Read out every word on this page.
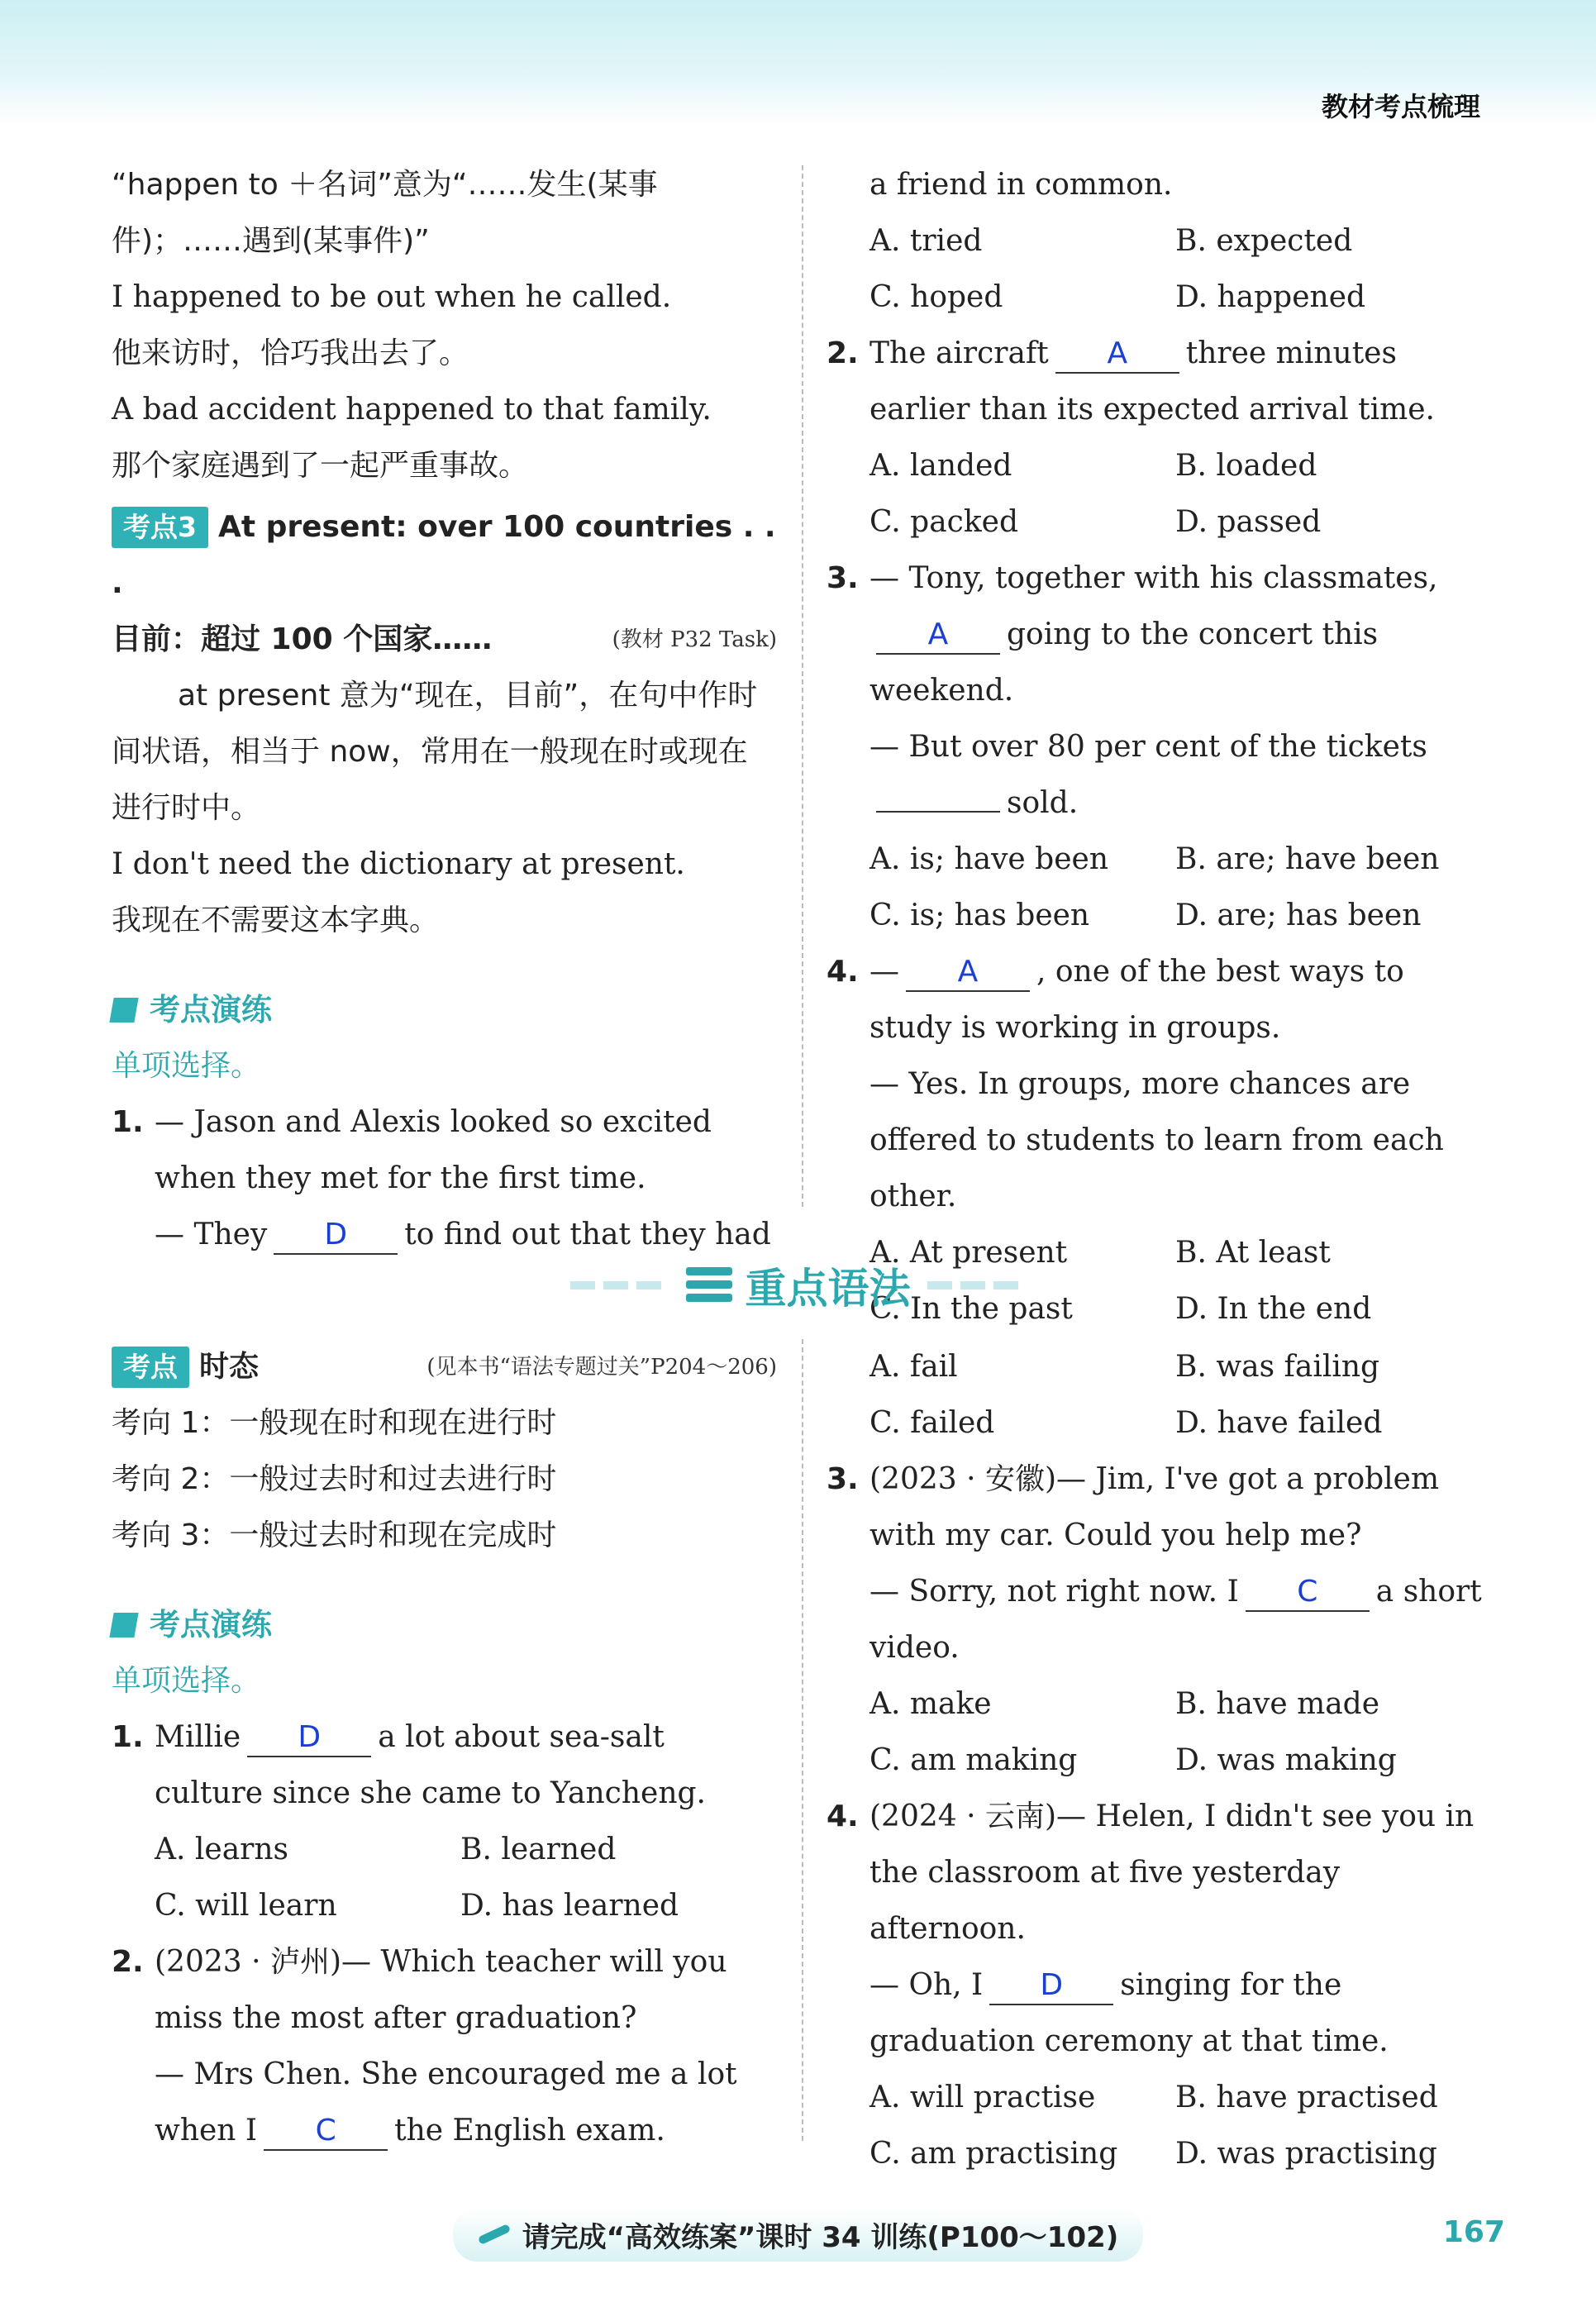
教材考点梳理

“happen to ＋名词”意为“……发生(某事件)；……遇到(某事件)”

I happened to be out when he called.

他来访时，恰巧我出去了。

A bad accident happened to that family.

那个家庭遇到了一起严重事故。

考点3 At present: over 100 countries . . .

目前：超过 100 个国家……	(教材 P32 Task)

at present 意为“现在，目前”，在句中作时间状语，相当于 now，常用在一般现在时或现在进行时中。

I don't need the dictionary at present.

我现在不需要这本字典。

考点演练

单项选择。

1. — Jason and Alexis looked so excited when they met for the first time.
— They D to find out that they had

a friend in common.

A. tried	B. expected
C. hoped	D. happened
2. The aircraft A three minutes earlier than its expected arrival time.
A. landed	B. loaded
C. packed	D. passed
3. — Tony, together with his classmates,
A going to the concert this weekend.

— But over 80 per cent of the tickets

sold.
A. is; have been	B. are; have been
C. is; has been	D. are; has been
4. — A , one of the best ways to study is working in groups.

— Yes. In groups, more chances are offered to students to learn from each other.

A. At present	B. At least
C. In the past	D. In the end
重点语法

考点 时态	(见本书“语法专题过关”P204～206)

考向 1：一般现在时和现在进行时

考向 2：一般过去时和过去进行时

考向 3：一般过去时和现在完成时

考点演练

单项选择。

1. Millie D a lot about sea-salt culture since she came to Yancheng.
A. learns	B. learned
C. will learn	D. has learned
2. (2023 · 泸州)— Which teacher will you miss the most after graduation?

— Mrs Chen. She encouraged me a lot

when I C the English exam.
A. fail	B. was failing
C. failed	D. have failed
3. (2023 · 安徽)— Jim, I've got a problem with my car. Could you help me?
— Sorry, not right now. I C a short video.
A. make	B. have made
C. am making	D. was making
4. (2024 · 云南)— Helen, I didn't see you in the classroom at five yesterday afternoon.
— Oh, I D singing for the graduation ceremony at that time.
A. will practise	B. have practised
C. am practising	D. was practising
请完成“高效练案”课时 34 训练(P100～102)	167
